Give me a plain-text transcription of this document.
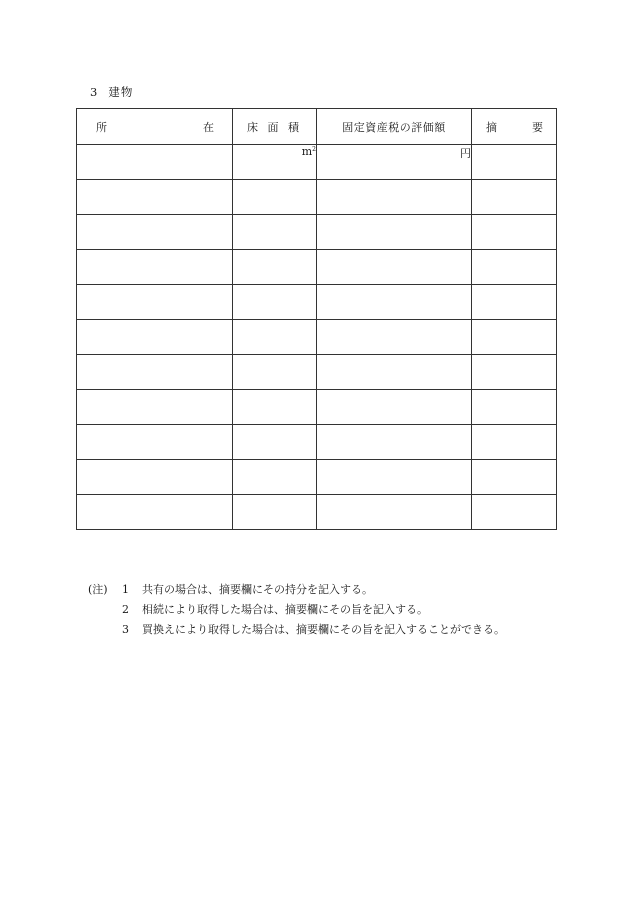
3 建物
所 在	床 面 積	固定資産税の評価額	摘 要

	$m^2$	円	

(注)	1	共有の場合は、摘要欄にその持分を記入する。
2	相続により取得した場合は、摘要欄にその旨を記入する。
3	買換えにより取得した場合は、摘要欄にその旨を記入することができる。
